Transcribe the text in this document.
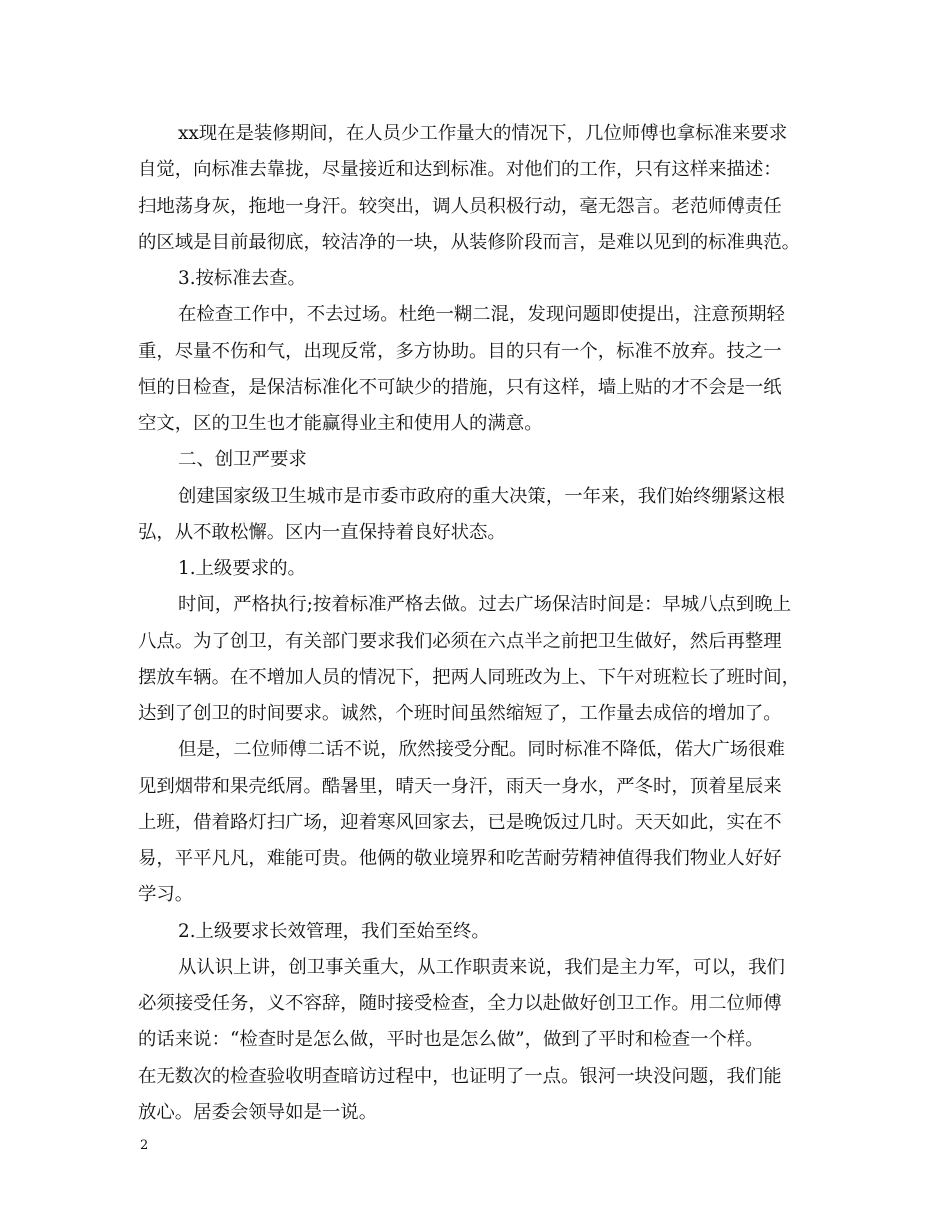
xx现在是装修期间，在人员少工作量大的情况下，几位师傅也拿标准来要求
自觉，向标准去靠拢，尽量接近和达到标准。对他们的工作，只有这样来描述：
扫地荡身灰，拖地一身汗。较突出，调人员积极行动，毫无怨言。老范师傅责任
的区域是目前最彻底，较洁净的一块，从装修阶段而言，是难以见到的标准典范。
3.按标准去查。
在检查工作中，不去过场。杜绝一糊二混，发现问题即使提出，注意预期轻
重，尽量不伤和气，出现反常，多方协助。目的只有一个，标准不放弃。技之一
恒的日检查，是保洁标准化不可缺少的措施，只有这样，墙上贴的才不会是一纸
空文，区的卫生也才能赢得业主和使用人的满意。
二、创卫严要求
创建国家级卫生城市是市委市政府的重大决策，一年来，我们始终绷紧这根
弘，从不敢松懈。区内一直保持着良好状态。
1.上级要求的。
时间，严格执行;按着标准严格去做。过去广场保洁时间是：早城八点到晚上
八点。为了创卫，有关部门要求我们必须在六点半之前把卫生做好，然后再整理
摆放车辆。在不增加人员的情况下，把两人同班改为上、下午对班粒长了班时间，
达到了创卫的时间要求。诚然，个班时间虽然缩短了，工作量去成倍的增加了。
但是，二位师傅二话不说，欣然接受分配。同时标准不降低，偌大广场很难
见到烟带和果壳纸屑。酷暑里，晴天一身汗，雨天一身水，严冬时，顶着星辰来
上班，借着路灯扫广场，迎着寒风回家去，已是晚饭过几时。天天如此，实在不
易，平平凡凡，难能可贵。他俩的敬业境界和吃苦耐劳精神值得我们物业人好好
学习。
2.上级要求长效管理，我们至始至终。
从认识上讲，创卫事关重大，从工作职责来说，我们是主力军，可以，我们
必须接受任务，义不容辞，随时接受检查，全力以赴做好创卫工作。用二位师傅
的话来说：“检查时是怎么做，平时也是怎么做”，做到了平时和检查一个样。
在无数次的检查验收明查暗访过程中，也证明了一点。银河一块没问题，我们能
放心。居委会领导如是一说。
2
